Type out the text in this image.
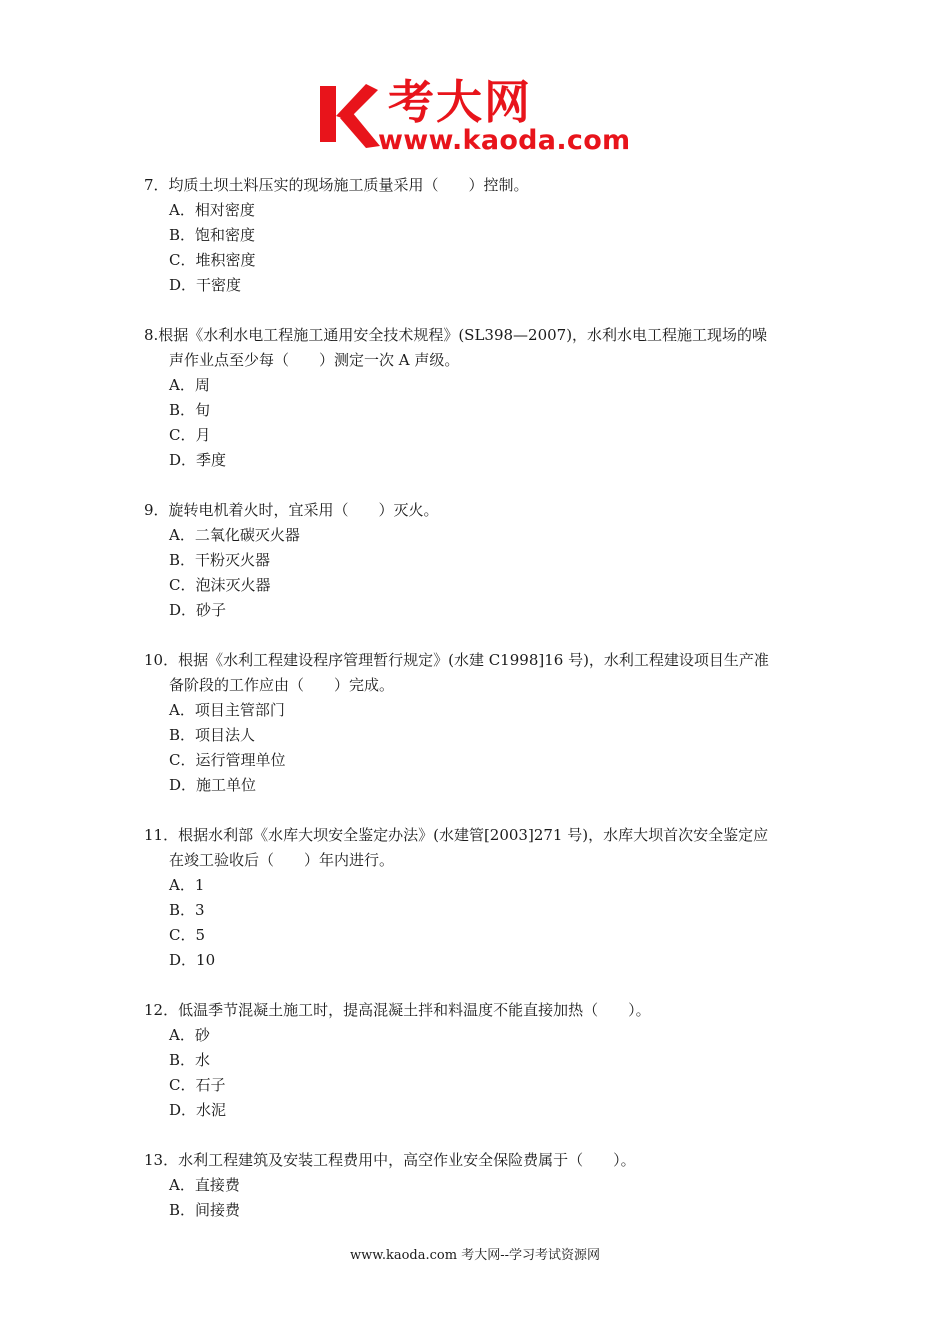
考大网
www.kaoda.com
7．均质土坝土料压实的现场施工质量采用（　　）控制。
A．相对密度
B．饱和密度
C．堆积密度
D．干密度
8.根据《水利水电工程施工通用安全技术规程》(SL398—2007)，水利水电工程施工现场的噪
声作业点至少每（　　）测定一次 A 声级。
A．周
B．旬
C．月
D．季度
9．旋转电机着火时，宜采用（　　）灭火。
A．二氧化碳灭火器
B．干粉灭火器
C．泡沫灭火器
D．砂子
10．根据《水利工程建设程序管理暂行规定》(水建 C1998]16 号)，水利工程建设项目生产准
备阶段的工作应由（　　）完成。
A．项目主管部门
B．项目法人
C．运行管理单位
D．施工单位
11．根据水利部《水库大坝安全鉴定办法》(水建管[2003]271 号)，水库大坝首次安全鉴定应
在竣工验收后（　　）年内进行。
A．1
B．3
C．5
D．10
12．低温季节混凝土施工时，提高混凝土拌和料温度不能直接加热（　　）。
A．砂
B．水
C．石子
D．水泥
13．水利工程建筑及安装工程费用中，高空作业安全保险费属于（　　）。
A．直接费
B．间接费
www.kaoda.com 考大网--学习考试资源网
